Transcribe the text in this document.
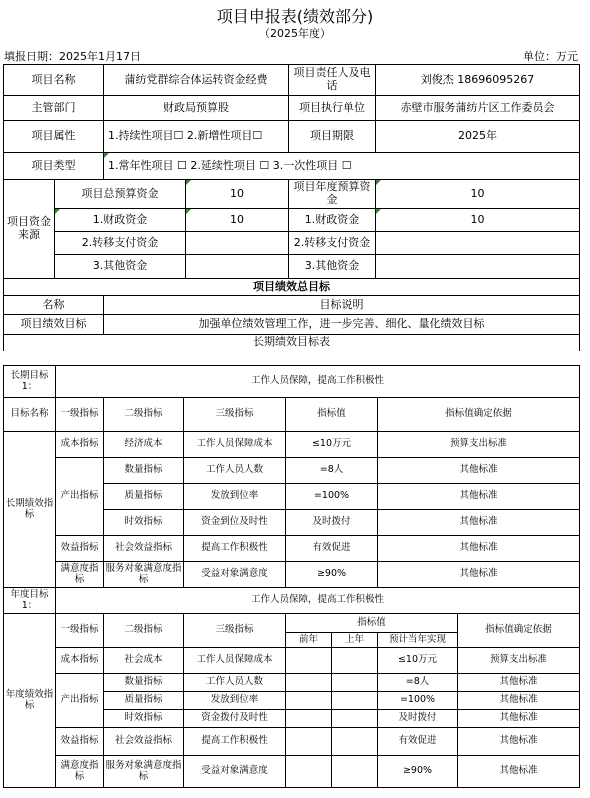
项目申报表(绩效部分)
（2025年度）
填报日期：2025年1月17日	单位：万元
项目名称		蒲纺党群综合体运转资金经费		项目责任人及电话	刘俊杰 18696095267
主管部门		财政局预算股		项目执行单位	赤壁市服务蒲纺片区工作委员会
项目属性		1.持续性项目☐ 2.新增性项目☐		项目期限	2025年
项目类型		1.常年性项目 ☐ 2.延续性项目 ☐ 3.一次性项目 ☐			
项目资金来源	项目总预算资金		10	项目年度预算资金	10
	1.财政资金		10	1.财政资金	10
	2.转移支付资金			2.转移支付资金	
	3.其他资金			3.其他资金	
项目绩效总目标					
名称		目标说明			
项目绩效目标		加强单位绩效管理工作，进一步完善、细化、量化绩效目标			
长期绩效目标表					
长期目标1：	工作人员保障，提高工作积极性						
目标名称	一级指标	二级指标	三级指标	指标值		指标值确定依据	
长期绩效指标	成本指标	经济成本	工作人员保障成本	≤10万元		预算支出标准	
	产出指标	数量指标	工作人员人数	=8人		其他标准	
		质量指标	发放到位率	=100%		其他标准	
		时效指标	资金到位及时性	及时拨付		其他标准	
	效益指标	社会效益指标	提高工作积极性	有效促进		其他标准	
	满意度指标	服务对象满意度指标	受益对象满意度	≥90%		其他标准	
年度目标1：	工作人员保障，提高工作积极性						
年度绩效指标	一级指标	二级指标	三级指标	指标值			指标值确定依据
				前年	上年	预计当年实现	
	成本指标	社会成本	工作人员保障成本			≤10万元	预算支出标准
	产出指标	数量指标	工作人员人数			=8人	其他标准
		质量指标	发放到位率			=100%	其他标准
		时效指标	资金拨付及时性			及时拨付	其他标准
	效益指标	社会效益指标	提高工作积极性			有效促进	其他标准
	满意度指标	服务对象满意度指标	受益对象满意度			≥90%	其他标准
